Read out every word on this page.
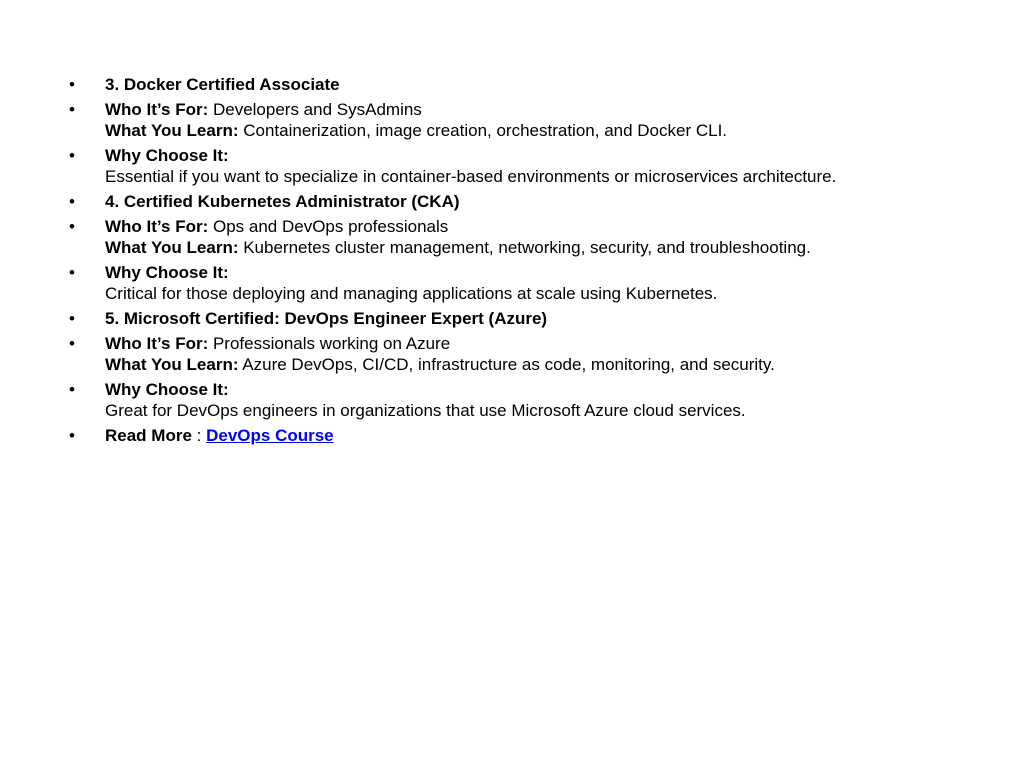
•	3. Docker Certified Associate
•	Who It’s For: Developers and SysAdmins
What You Learn: Containerization, image creation, orchestration, and Docker CLI.
•	Why Choose It:
Essential if you want to specialize in container-based environments or microservices architecture.
•	4. Certified Kubernetes Administrator (CKA)
•	Who It’s For: Ops and DevOps professionals
What You Learn: Kubernetes cluster management, networking, security, and troubleshooting.
•	Why Choose It:
Critical for those deploying and managing applications at scale using Kubernetes.
•	5. Microsoft Certified: DevOps Engineer Expert (Azure)
•	Who It’s For: Professionals working on Azure
What You Learn: Azure DevOps, CI/CD, infrastructure as code, monitoring, and security.
•	Why Choose It:
Great for DevOps engineers in organizations that use Microsoft Azure cloud services.
•	Read More : DevOps Course
